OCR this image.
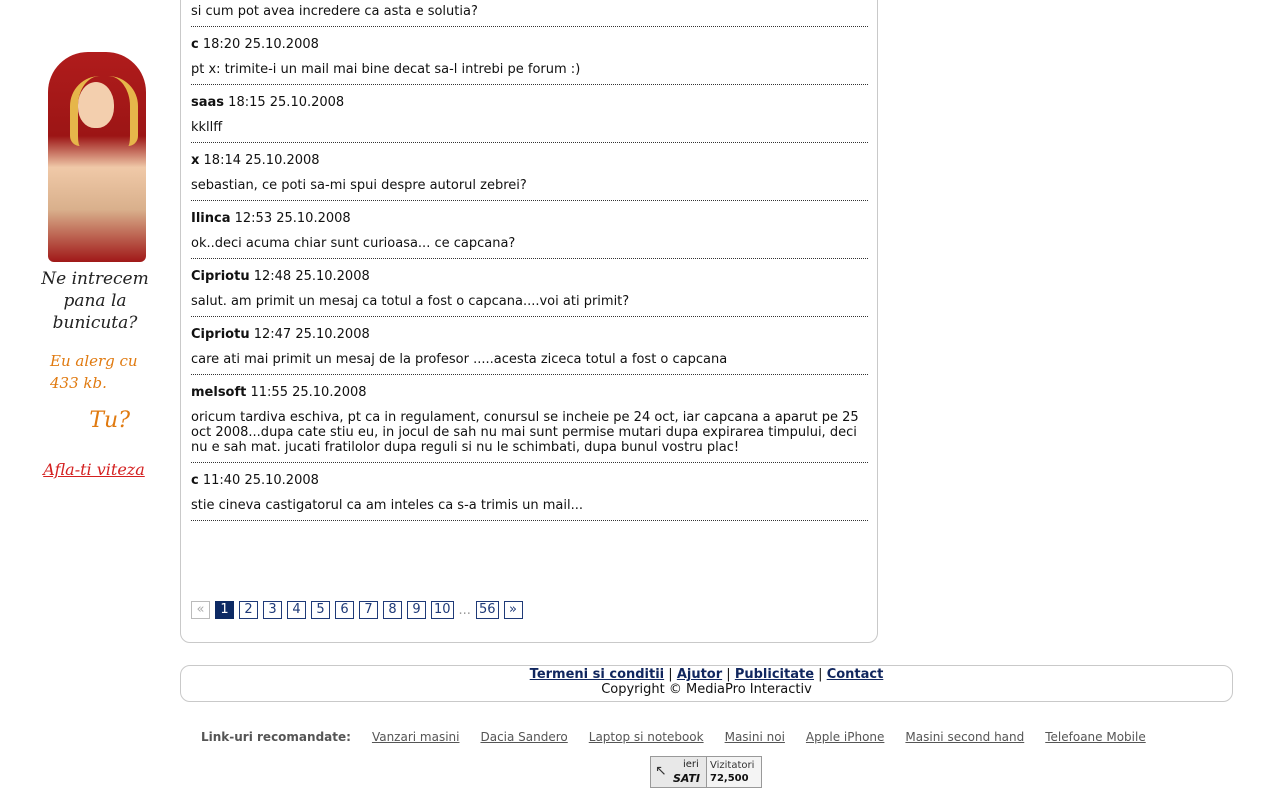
Ne intrecem pana la bunicuta?
Eu alerg cu 433 kb.
Tu?
Afla-ti viteza
si cum pot avea incredere ca asta e solutia?
c 18:20 25.10.2008
pt x: trimite-i un mail mai bine decat sa-l intrebi pe forum :)
saas 18:15 25.10.2008
kkllff
x 18:14 25.10.2008
sebastian, ce poti sa-mi spui despre autorul zebrei?
Ilinca 12:53 25.10.2008
ok..deci acuma chiar sunt curioasa... ce capcana?
Cipriotu 12:48 25.10.2008
salut. am primit un mesaj ca totul a fost o capcana....voi ati primit?
Cipriotu 12:47 25.10.2008
care ati mai primit un mesaj de la profesor .....acesta ziceca totul a fost o capcana
melsoft 11:55 25.10.2008
oricum tardiva eschiva, pt ca in regulament, conursul se incheie pe 24 oct, iar capcana a aparut pe 25 oct 2008...dupa cate stiu eu, in jocul de sah nu mai sunt permise mutari dupa expirarea timpului, deci nu e sah mat. jucati fratilolor dupa reguli si nu le schimbati, dupa bunul vostru plac!
c 11:40 25.10.2008
stie cineva castigatorul ca am inteles ca s-a trimis un mail...
«	1	2	3	4	5	6	7	8	9	10 ... 56	»
Termeni si conditii | Ajutor | Publicitate | Contact
Copyright © MediaPro Interactiv
Link-uri recomandate: Vanzari masini Dacia Sandero Laptop si notebook Masini noi Apple iPhone Masini second hand Telefoane Mobile
↖ ieri
SATI
Vizitatori
72,500
